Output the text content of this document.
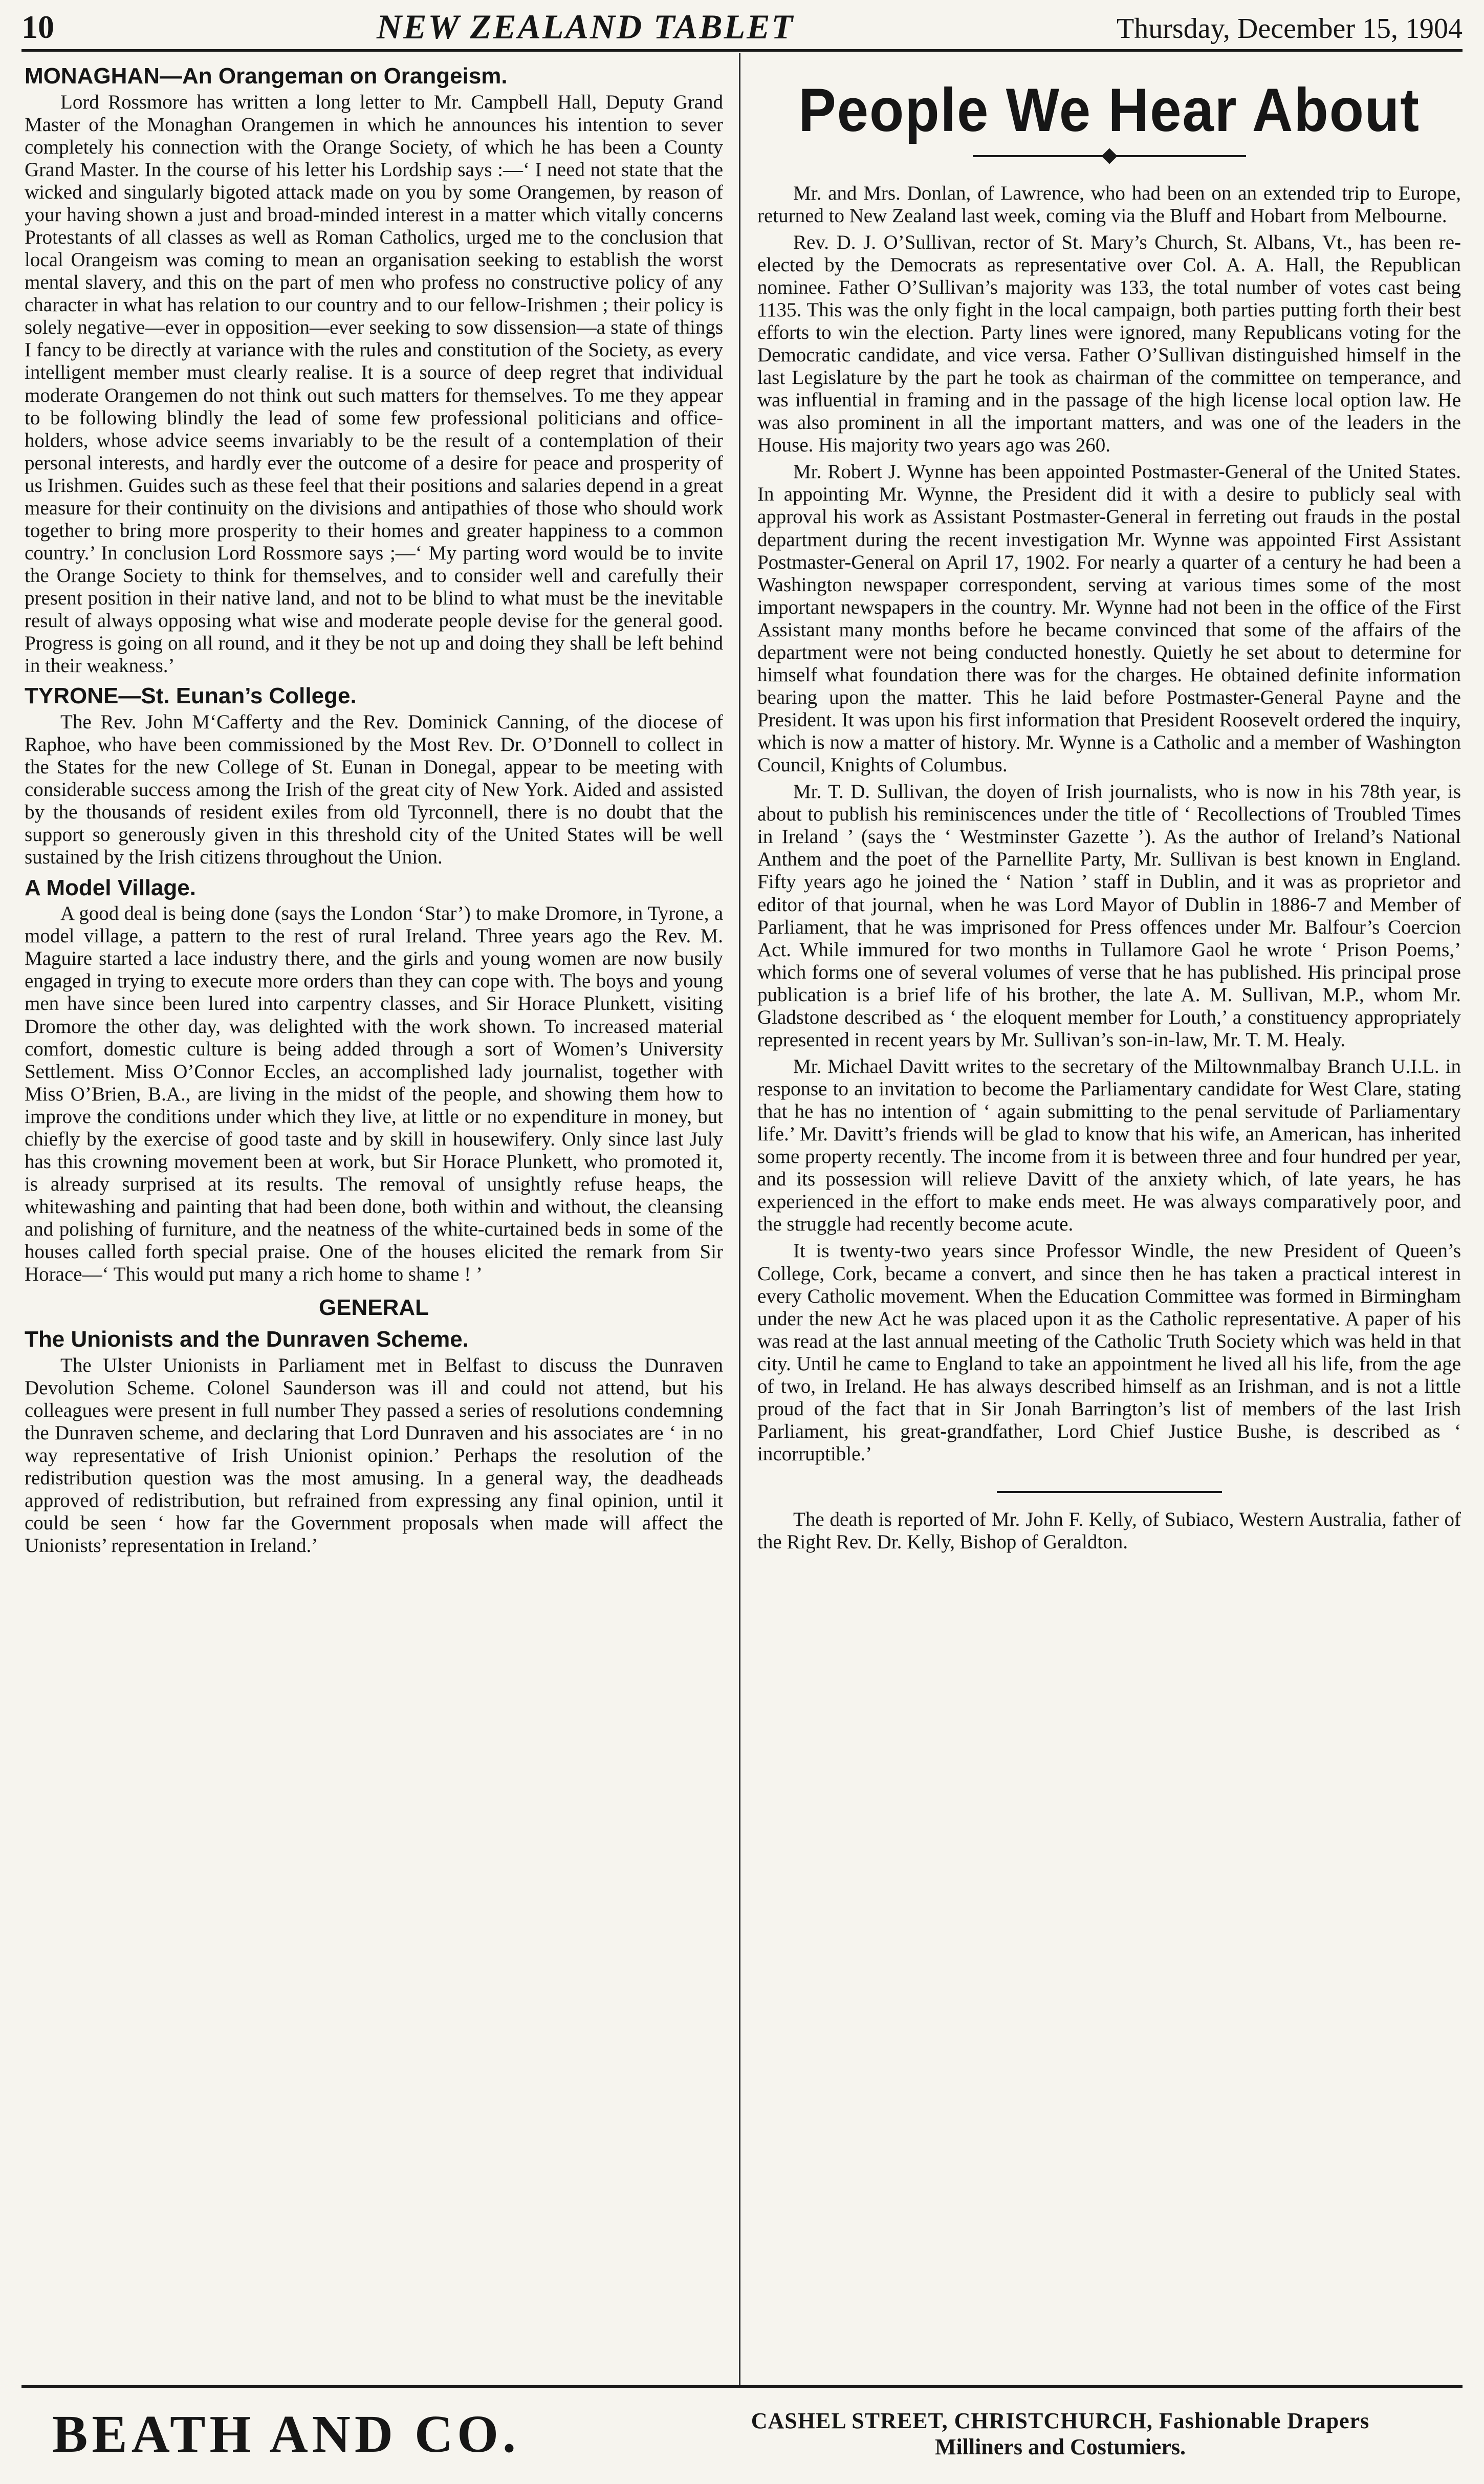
10	NEW ZEALAND TABLET	Thursday, December 15, 1904
MONAGHAN—An Orangeman on Orangeism.

Lord Rossmore has written a long letter to Mr. Campbell Hall, Deputy Grand Master of the Monaghan Orangemen in which he announces his intention to sever completely his connection with the Orange Society, of which he has been a County Grand Master. In the course of his letter his Lordship says :—‘ I need not state that the wicked and singularly bigoted attack made on you by some Orangemen, by reason of your having shown a just and broad-minded interest in a matter which vitally concerns Protestants of all classes as well as Roman Catholics, urged me to the conclusion that local Orangeism was coming to mean an organisation seeking to establish the worst mental slavery, and this on the part of men who profess no constructive policy of any character in what has relation to our country and to our fellow-Irishmen ; their policy is solely negative—ever in opposition—ever seeking to sow dissension—a state of things I fancy to be directly at variance with the rules and constitution of the Society, as every intelligent member must clearly realise. It is a source of deep regret that individual moderate Orangemen do not think out such matters for themselves. To me they appear to be following blindly the lead of some few professional politicians and office-holders, whose advice seems invariably to be the result of a contemplation of their personal interests, and hardly ever the outcome of a desire for peace and prosperity of us Irishmen. Guides such as these feel that their positions and salaries depend in a great measure for their continuity on the divisions and antipathies of those who should work together to bring more prosperity to their homes and greater happiness to a common country.’ In conclusion Lord Rossmore says ;—‘ My parting word would be to invite the Orange Society to think for themselves, and to consider well and carefully their present position in their native land, and not to be blind to what must be the inevitable result of always opposing what wise and moderate people devise for the general good. Progress is going on all round, and it they be not up and doing they shall be left behind in their weakness.’

TYRONE—St. Eunan’s College.

The Rev. John M‘Cafferty and the Rev. Dominick Canning, of the diocese of Raphoe, who have been commissioned by the Most Rev. Dr. O’Donnell to collect in the States for the new College of St. Eunan in Donegal, appear to be meeting with considerable success among the Irish of the great city of New York. Aided and assisted by the thousands of resident exiles from old Tyrconnell, there is no doubt that the support so generously given in this threshold city of the United States will be well sustained by the Irish citizens throughout the Union.

A Model Village.

A good deal is being done (says the London ‘Star’) to make Dromore, in Tyrone, a model village, a pattern to the rest of rural Ireland. Three years ago the Rev. M. Maguire started a lace industry there, and the girls and young women are now busily engaged in trying to execute more orders than they can cope with. The boys and young men have since been lured into carpentry classes, and Sir Horace Plunkett, visiting Dromore the other day, was delighted with the work shown. To increased material comfort, domestic culture is being added through a sort of Women’s University Settlement. Miss O’Connor Eccles, an accomplished lady journalist, together with Miss O’Brien, B.A., are living in the midst of the people, and showing them how to improve the conditions under which they live, at little or no expenditure in money, but chiefly by the exercise of good taste and by skill in housewifery. Only since last July has this crowning movement been at work, but Sir Horace Plunkett, who promoted it, is already surprised at its results. The removal of unsightly refuse heaps, the whitewashing and painting that had been done, both within and without, the cleansing and polishing of furniture, and the neatness of the white-curtained beds in some of the houses called forth special praise. One of the houses elicited the remark from Sir Horace—‘ This would put many a rich home to shame ! ’

GENERAL
The Unionists and the Dunraven Scheme.

The Ulster Unionists in Parliament met in Belfast to discuss the Dunraven Devolution Scheme. Colonel Saunderson was ill and could not attend, but his colleagues were present in full number They passed a series of resolutions condemning the Dunraven scheme, and declaring that Lord Dunraven and his associates are ‘ in no way representative of Irish Unionist opinion.’ Perhaps the resolution of the redistribution question was the most amusing. In a general way, the deadheads approved of redistribution, but refrained from expressing any final opinion, until it could be seen ‘ how far the Government proposals when made will affect the Unionists’ representation in Ireland.’

People We Hear About

Mr. and Mrs. Donlan, of Lawrence, who had been on an extended trip to Europe, returned to New Zealand last week, coming via the Bluff and Hobart from Melbourne.

Rev. D. J. O’Sullivan, rector of St. Mary’s Church, St. Albans, Vt., has been re-elected by the Democrats as representative over Col. A. A. Hall, the Republican nominee. Father O’Sullivan’s majority was 133, the total number of votes cast being 1135. This was the only fight in the local campaign, both parties putting forth their best efforts to win the election. Party lines were ignored, many Republicans voting for the Democratic candidate, and vice versa. Father O’Sullivan distinguished himself in the last Legislature by the part he took as chairman of the committee on temperance, and was influential in framing and in the passage of the high license local option law. He was also prominent in all the important matters, and was one of the leaders in the House. His majority two years ago was 260.

Mr. Robert J. Wynne has been appointed Postmaster-General of the United States. In appointing Mr. Wynne, the President did it with a desire to publicly seal with approval his work as Assistant Postmaster-General in ferreting out frauds in the postal department during the recent investigation Mr. Wynne was appointed First Assistant Postmaster-General on April 17, 1902. For nearly a quarter of a century he had been a Washington newspaper correspondent, serving at various times some of the most important newspapers in the country. Mr. Wynne had not been in the office of the First Assistant many months before he became convinced that some of the affairs of the department were not being conducted honestly. Quietly he set about to determine for himself what foundation there was for the charges. He obtained definite information bearing upon the matter. This he laid before Postmaster-General Payne and the President. It was upon his first information that President Roosevelt ordered the inquiry, which is now a matter of history. Mr. Wynne is a Catholic and a member of Washington Council, Knights of Columbus.

Mr. T. D. Sullivan, the doyen of Irish journalists, who is now in his 78th year, is about to publish his reminiscences under the title of ‘ Recollections of Troubled Times in Ireland ’ (says the ‘ Westminster Gazette ’). As the author of Ireland’s National Anthem and the poet of the Parnellite Party, Mr. Sullivan is best known in England. Fifty years ago he joined the ‘ Nation ’ staff in Dublin, and it was as proprietor and editor of that journal, when he was Lord Mayor of Dublin in 1886-7 and Member of Parliament, that he was imprisoned for Press offences under Mr. Balfour’s Coercion Act. While immured for two months in Tullamore Gaol he wrote ‘ Prison Poems,’ which forms one of several volumes of verse that he has published. His principal prose publication is a brief life of his brother, the late A. M. Sullivan, M.P., whom Mr. Gladstone described as ‘ the eloquent member for Louth,’ a constituency appropriately represented in recent years by Mr. Sullivan’s son-in-law, Mr. T. M. Healy.

Mr. Michael Davitt writes to the secretary of the Miltownmalbay Branch U.I.L. in response to an invitation to become the Parliamentary candidate for West Clare, stating that he has no intention of ‘ again submitting to the penal servitude of Parliamentary life.’ Mr. Davitt’s friends will be glad to know that his wife, an American, has inherited some property recently. The income from it is between three and four hundred per year, and its possession will relieve Davitt of the anxiety which, of late years, he has experienced in the effort to make ends meet. He was always comparatively poor, and the struggle had recently become acute.

It is twenty-two years since Professor Windle, the new President of Queen’s College, Cork, became a convert, and since then he has taken a practical interest in every Catholic movement. When the Education Committee was formed in Birmingham under the new Act he was placed upon it as the Catholic representative. A paper of his was read at the last annual meeting of the Catholic Truth Society which was held in that city. Until he came to England to take an appointment he lived all his life, from the age of two, in Ireland. He has always described himself as an Irishman, and is not a little proud of the fact that in Sir Jonah Barrington’s list of members of the last Irish Parliament, his great-grandfather, Lord Chief Justice Bushe, is described as ‘ incorruptible.’

The death is reported of Mr. John F. Kelly, of Subiaco, Western Australia, father of the Right Rev. Dr. Kelly, Bishop of Geraldton.

BEATH AND CO.	CASHEL STREET, CHRISTCHURCH, Fashionable Drapers
Milliners and Costumiers.
